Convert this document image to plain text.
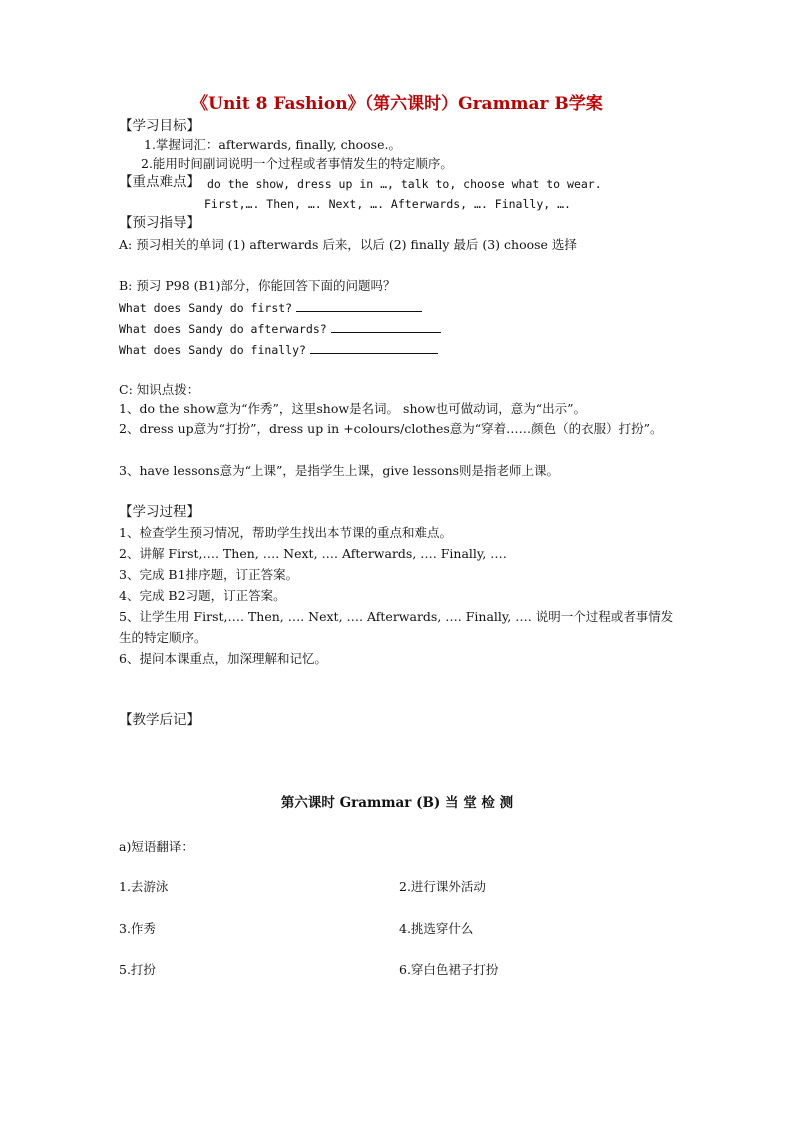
《Unit 8 Fashion》（第六课时）Grammar B学案
【学习目标】
1.掌握词汇：afterwards, finally, choose.。
2.能用时间副词说明一个过程或者事情发生的特定顺序。
【重点难点】 do the show, dress up in …, talk to, choose what to wear.
First,…. Then, …. Next, …. Afterwards, …. Finally, ….
【预习指导】
A: 预习相关的单词 (1) afterwards 后来，以后 (2) finally 最后 (3) choose 选择
B: 预习 P98 (B1)部分，你能回答下面的问题吗？
What does Sandy do first?
What does Sandy do afterwards?
What does Sandy do finally?
C: 知识点拨：
1、do the show意为“作秀”，这里show是名词。 show也可做动词，意为“出示”。
2、dress up意为“打扮”，dress up in +colours/clothes意为“穿着……颜色（的衣服）打扮”。
3、have lessons意为“上课”，是指学生上课，give lessons则是指老师上课。
【学习过程】
1、检查学生预习情况，帮助学生找出本节课的重点和难点。
2、讲解 First,…. Then, …. Next, …. Afterwards, …. Finally, ….
3、完成 B1排序题，订正答案。
4、完成 B2习题，订正答案。
5、让学生用 First,…. Then, …. Next, …. Afterwards, …. Finally, …. 说明一个过程或者事情发生的特定顺序。
6、提问本课重点，加深理解和记忆。
【教学后记】
第六课时 Grammar (B) 当 堂 检 测
a)短语翻译：
1.去游泳	2.进行课外活动
3.作秀	4.挑选穿什么
5.打扮	6.穿白色裙子打扮
